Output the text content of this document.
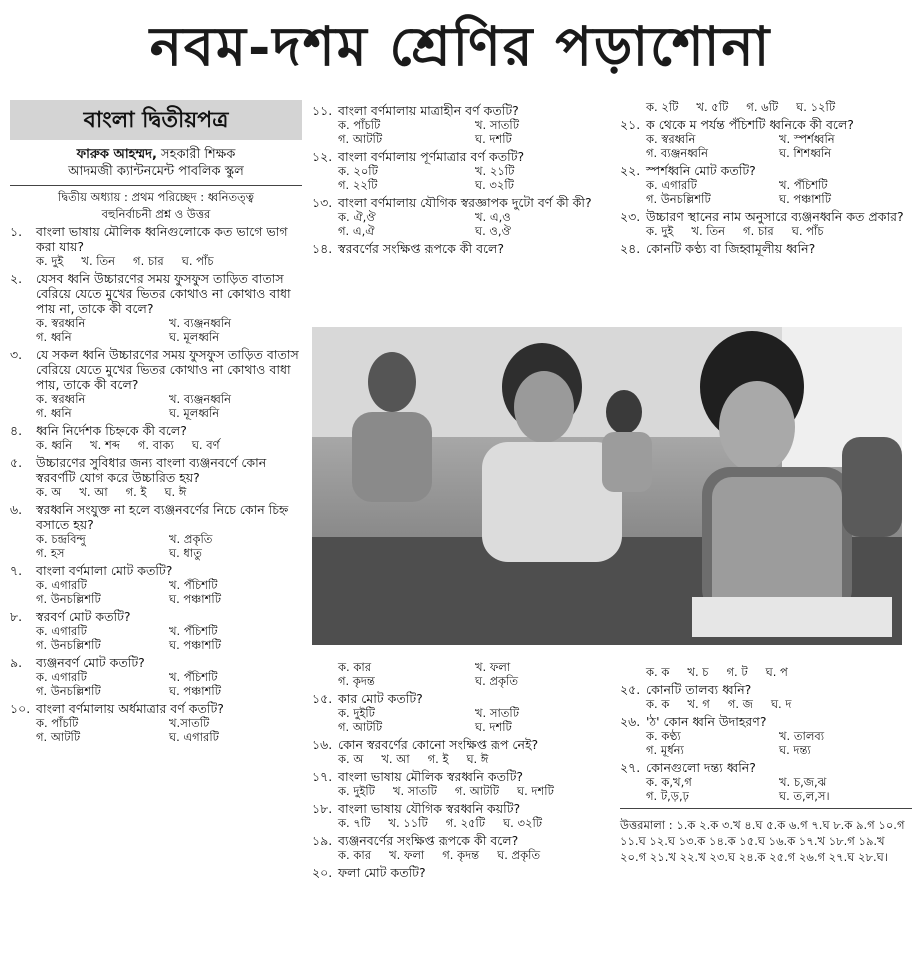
নবম-দশম শ্রেণির পড়াশোনা
বাংলা দ্বিতীয়পত্র
ফারুক আহম্মদ, সহকারী শিক্ষক
আদমজী ক্যান্টনমেন্ট পাবলিক স্কুল
দ্বিতীয় অধ্যায় : প্রথম পরিচ্ছেদ : ধ্বনিতত্ত্ব
বহুনির্বাচনী প্রশ্ন ও উত্তর
১.	বাংলা ভাষায় মৌলিক ধ্বনিগুলোকে কত ভাগে ভাগ করা যায়?
ক. দুই খ. তিন গ. চার ঘ. পাঁচ
২.	যেসব ধ্বনি উচ্চারণের সময় ফুসফুস তাড়িত বাতাস বেরিয়ে যেতে মুখের ভিতর কোথাও না কোথাও বাধা পায় না, তাকে কী বলে?
ক. স্বরধ্বনি	খ. ব্যঞ্জনধ্বনি
গ. ধ্বনি	ঘ. মূলধ্বনি
৩.	যে সকল ধ্বনি উচ্চারণের সময় ফুসফুস তাড়িত বাতাস বেরিয়ে যেতে মুখের ভিতর কোথাও না কোথাও বাধা পায়, তাকে কী বলে?
ক. স্বরধ্বনি	খ. ব্যঞ্জনধ্বনি
গ. ধ্বনি	ঘ. মূলধ্বনি
৪.	ধ্বনি নির্দেশক চিহ্নকে কী বলে?
ক. ধ্বনি খ. শব্দ গ. বাক্য ঘ. বর্ণ
৫.	উচ্চারণের সুবিধার জন্য বাংলা ব্যঞ্জনবর্ণে কোন স্বরবর্ণটি যোগ করে উচ্চারিত হয়?
ক. অ খ. আ গ. ই ঘ. ঈ
৬.	স্বরধ্বনি সংযুক্ত না হলে ব্যঞ্জনবর্ণের নিচে কোন চিহ্ন বসাতে হয়?
ক. চন্দ্রবিন্দু	খ. প্রকৃতি
গ. হস	ঘ. ধাতু
৭.	বাংলা বর্ণমালা মোট কতটি?
ক. এগারটি	খ. পঁচিশটি
গ. উনচল্লিশটি	ঘ. পঞ্চাশটি
৮.	স্বরবর্ণ মোট কতটি?
ক. এগারটি	খ. পঁচিশটি
গ. উনচল্লিশটি	ঘ. পঞ্চাশটি
৯.	ব্যঞ্জনবর্ণ মোট কতটি?
ক. এগারটি	খ. পঁচিশটি
গ. উনচল্লিশটি	ঘ. পঞ্চাশটি
১০. বাংলা বর্ণমালায় অর্ধমাত্রার বর্ণ কতটি?
ক. পাঁচটি	খ.সাতটি
গ. আটটি	ঘ. এগারটি
১১. বাংলা বর্ণমালায় মাত্রাহীন বর্ণ কতটি?
ক. পাঁচটি	খ. সাতটি
গ. আটটি	ঘ. দশটি
১২. বাংলা বর্ণমালায় পূর্ণমাত্রার বর্ণ কতটি?
ক. ২০টি	খ. ২১টি
গ. ২২টি	ঘ. ৩২টি
১৩. বাংলা বর্ণমালায় যৌগিক স্বরজ্ঞাপক দুটো বর্ণ কী কী?
ক. ঐ,ঔ	খ. এ,ও
গ. এ,ঐ	ঘ. ও,ঔ
১৪. স্বরবর্ণের সংক্ষিপ্ত রূপকে কী বলে?
ক. ২টি খ. ৫টি গ. ৬টি ঘ. ১২টি
২১. ক থেকে ম পর্যন্ত পঁচিশটি ধ্বনিকে কী বলে?
ক. স্বরধ্বনি	খ. স্পর্শধ্বনি
গ. ব্যঞ্জনধ্বনি	ঘ. শিশধ্বনি
২২. স্পর্শধ্বনি মোট কতটি?
ক. এগারটি	খ. পঁচিশটি
গ. উনচল্লিশটি	ঘ. পঞ্চাশটি
২৩. উচ্চারণ স্থানের নাম অনুসারে ব্যঞ্জনধ্বনি কত প্রকার?
ক. দুই খ. তিন গ. চার ঘ. পাঁচ
২৪. কোনটি কণ্ঠ্য বা জিহ্বামূলীয় ধ্বনি?
ক. কার	খ. ফলা
গ. কৃদন্ত	ঘ. প্রকৃতি
১৫. কার মোট কতটি?
ক. দুইটি	খ. সাতটি
গ. আটটি	ঘ. দশটি
১৬. কোন স্বরবর্ণের কোনো সংক্ষিপ্ত রূপ নেই?
ক. অ খ. আ গ. ই ঘ. ঈ
১৭. বাংলা ভাষায় মৌলিক স্বরধ্বনি কতটি?
ক. দুইটি খ. সাতটি গ. আটটি ঘ. দশটি
১৮. বাংলা ভাষায় যৌগিক স্বরধ্বনি কয়টি?
ক. ৭টি খ. ১১টি গ. ২৫টি ঘ. ৩২টি
১৯. ব্যঞ্জনবর্ণের সংক্ষিপ্ত রূপকে কী বলে?
ক. কার খ. ফলা গ. কৃদন্ত ঘ. প্রকৃতি
২০. ফলা মোট কতটি?
ক. ক খ. চ গ. ট ঘ. প
২৫. কোনটি তালব্য ধ্বনি?
ক. ক খ. গ গ. জ ঘ. দ
২৬. 'ঠ' কোন ধ্বনি উদাহরণ?
ক. কণ্ঠ্য	খ. তালব্য
গ. মূর্ধন্য	ঘ. দন্ত্য
২৭. কোনগুলো দন্ত্য ধ্বনি?
ক. ক,খ,গ	খ. চ,জ,ঝ
গ. ট,ড়,ঢ়	ঘ. ত,ল,স।
উত্তরমালা : ১.ক ২.ক ৩.খ ৪.ঘ ৫.ক ৬.গ ৭.ঘ ৮.ক ৯.গ ১০.গ ১১.ঘ ১২.ঘ ১৩.ক ১৪.ক ১৫.ঘ ১৬.ক ১৭.খ ১৮.গ ১৯.খ ২০.গ ২১.খ ২২.খ ২৩.ঘ ২৪.ক ২৫.গ ২৬.গ ২৭.ঘ ২৮.ঘ।
